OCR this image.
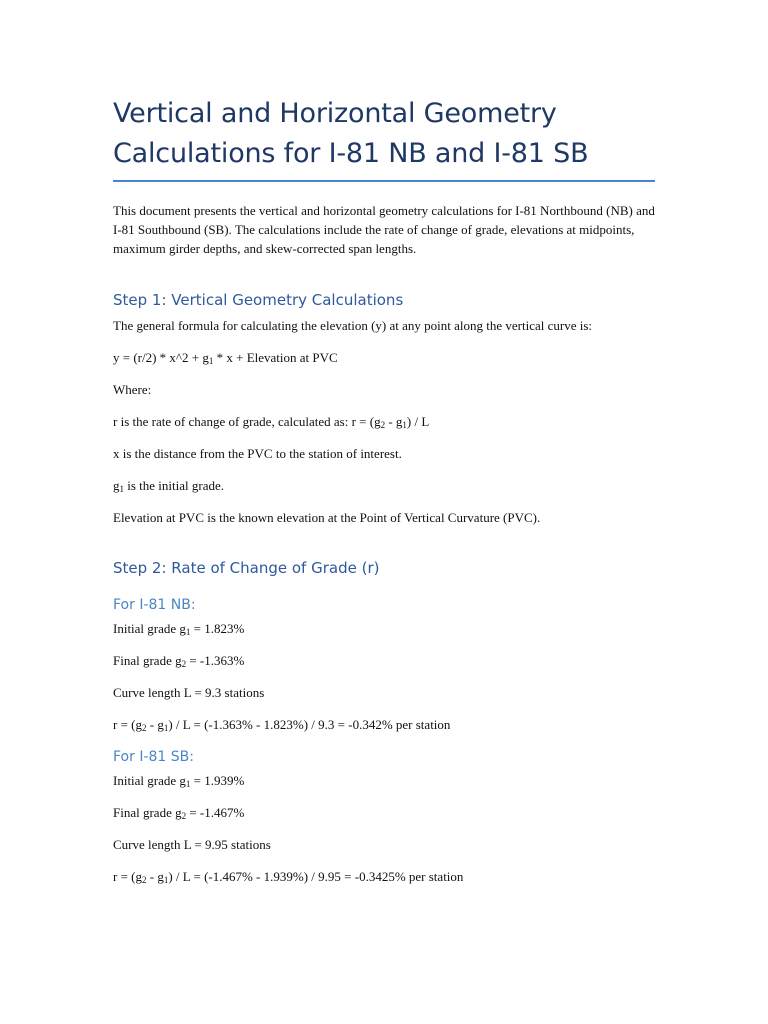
Vertical and Horizontal Geometry
Calculations for I-81 NB and I-81 SB

This document presents the vertical and horizontal geometry calculations for I-81 Northbound (NB) and I-81 Southbound (SB). The calculations include the rate of change of grade, elevations at midpoints, maximum girder depths, and skew-corrected span lengths.

Step 1: Vertical Geometry Calculations

The general formula for calculating the elevation (y) at any point along the vertical curve is:

y = (r/2) * x^2 + $g_1$ * x + Elevation at PVC

Where:

r is the rate of change of grade, calculated as: $r = (g_2 - g_1) / L$

x is the distance from the PVC to the station of interest.

$g_1$ is the initial grade.

Elevation at PVC is the known elevation at the Point of Vertical Curvature (PVC).

Step 2: Rate of Change of Grade (r)
For I-81 NB:

Initial grade $g_1 = 1.823\%$

Final grade $g_2 = -1.363\%$

Curve length L = 9.3 stations

$r = (g_2 - g_1) / L = (-1.363\% - 1.823\%) / 9.3 = -0.342\%$ per station

For I-81 SB:

Initial grade $g_1 = 1.939\%$

Final grade $g_2 = -1.467\%$

Curve length L = 9.95 stations

$r = (g_2 - g_1) / L = (-1.467\% - 1.939\%) / 9.95 = -0.3425\%$ per station
